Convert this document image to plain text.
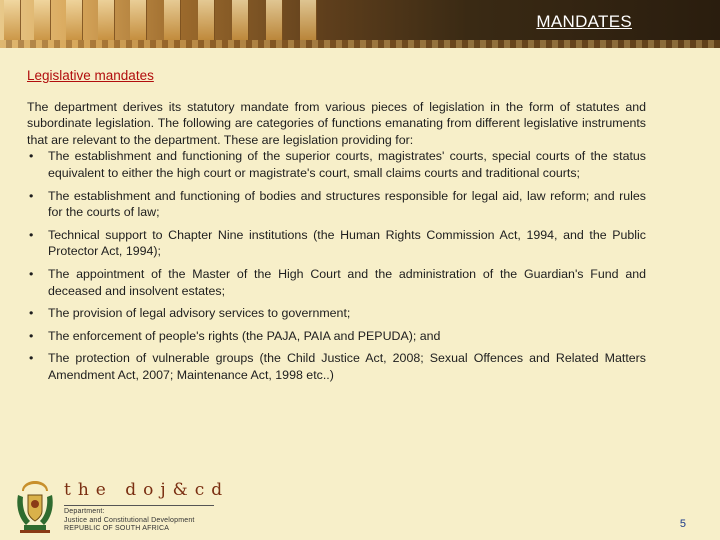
MANDATES
Legislative mandates

The department derives its statutory mandate from various pieces of legislation in the form of statutes and subordinate legislation. The following are categories of functions emanating from different legislative instruments that are relevant to the department. These are legislation providing for:

• The establishment and functioning of the superior courts, magistrates' courts, special courts of the status equivalent to either the high court or magistrate's court, small claims courts and traditional courts;
• The establishment and functioning of bodies and structures responsible for legal aid, law reform; and rules for the courts of law;
• Technical support to Chapter Nine institutions (the Human Rights Commission Act, 1994, and the Public Protector Act, 1994);
• The appointment of the Master of the High Court and the administration of the Guardian's Fund and deceased and insolvent estates;
• The provision of legal advisory services to government;
• The enforcement of people's rights (the PAJA, PAIA and PEPUDA); and
• The protection of vulnerable groups (the Child Justice Act, 2008; Sexual Offences and Related Matters Amendment Act, 2007; Maintenance Act, 1998 etc..)
the doj&cd
Department:
Justice and Constitutional Development
REPUBLIC OF SOUTH AFRICA	5
